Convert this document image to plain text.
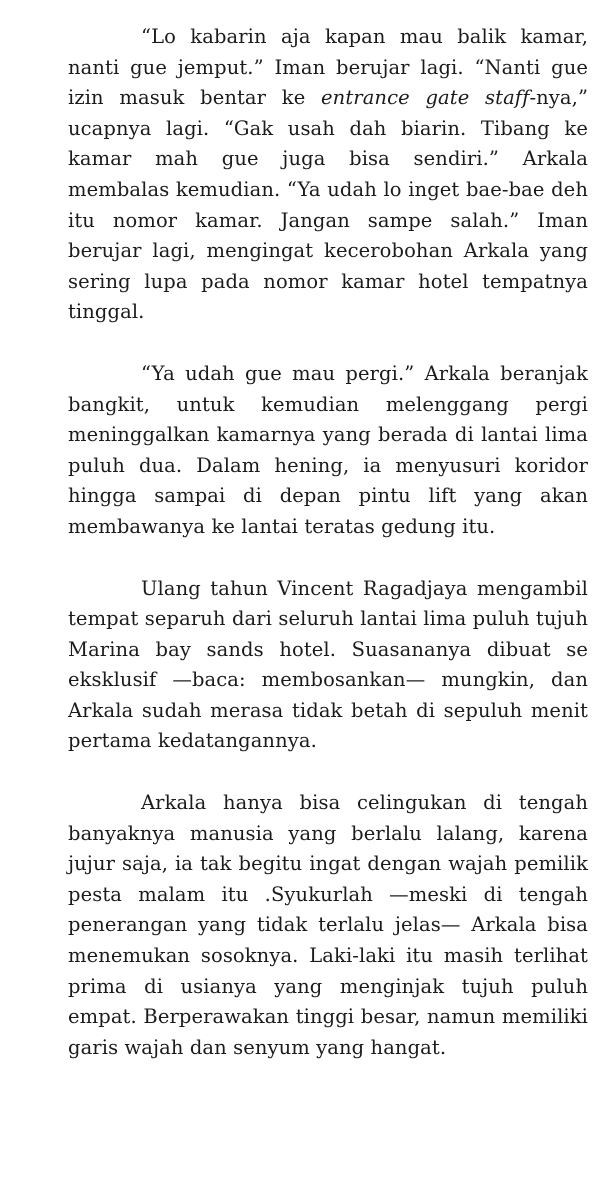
“Lo kabarin aja kapan mau balik kamar, nanti gue jemput.” Iman berujar lagi. “Nanti gue izin masuk bentar ke entrance gate staff-nya,” ucapnya lagi. “Gak usah dah biarin. Tibang ke kamar mah gue juga bisa sendiri.” Arkala membalas kemudian. “Ya udah lo inget bae-bae deh itu nomor kamar. Jangan sampe salah.” Iman berujar lagi, mengingat kecerobohan Arkala yang sering lupa pada nomor kamar hotel tempatnya tinggal.

“Ya udah gue mau pergi.” Arkala beranjak bangkit, untuk kemudian melenggang pergi meninggalkan kamarnya yang berada di lantai lima puluh dua. Dalam hening, ia menyusuri koridor hingga sampai di depan pintu lift yang akan membawanya ke lantai teratas gedung itu.

Ulang tahun Vincent Ragadjaya mengambil tempat separuh dari seluruh lantai lima puluh tujuh Marina bay sands hotel. Suasananya dibuat se eksklusif —baca: membosankan— mungkin, dan Arkala sudah merasa tidak betah di sepuluh menit pertama kedatangannya.

Arkala hanya bisa celingukan di tengah banyaknya manusia yang berlalu lalang, karena jujur saja, ia tak begitu ingat dengan wajah pemilik pesta malam itu .Syukurlah —meski di tengah penerangan yang tidak terlalu jelas— Arkala bisa menemukan sosoknya. Laki-laki itu masih terlihat prima di usianya yang menginjak tujuh puluh empat. Berperawakan tinggi besar, namun memiliki garis wajah dan senyum yang hangat.
